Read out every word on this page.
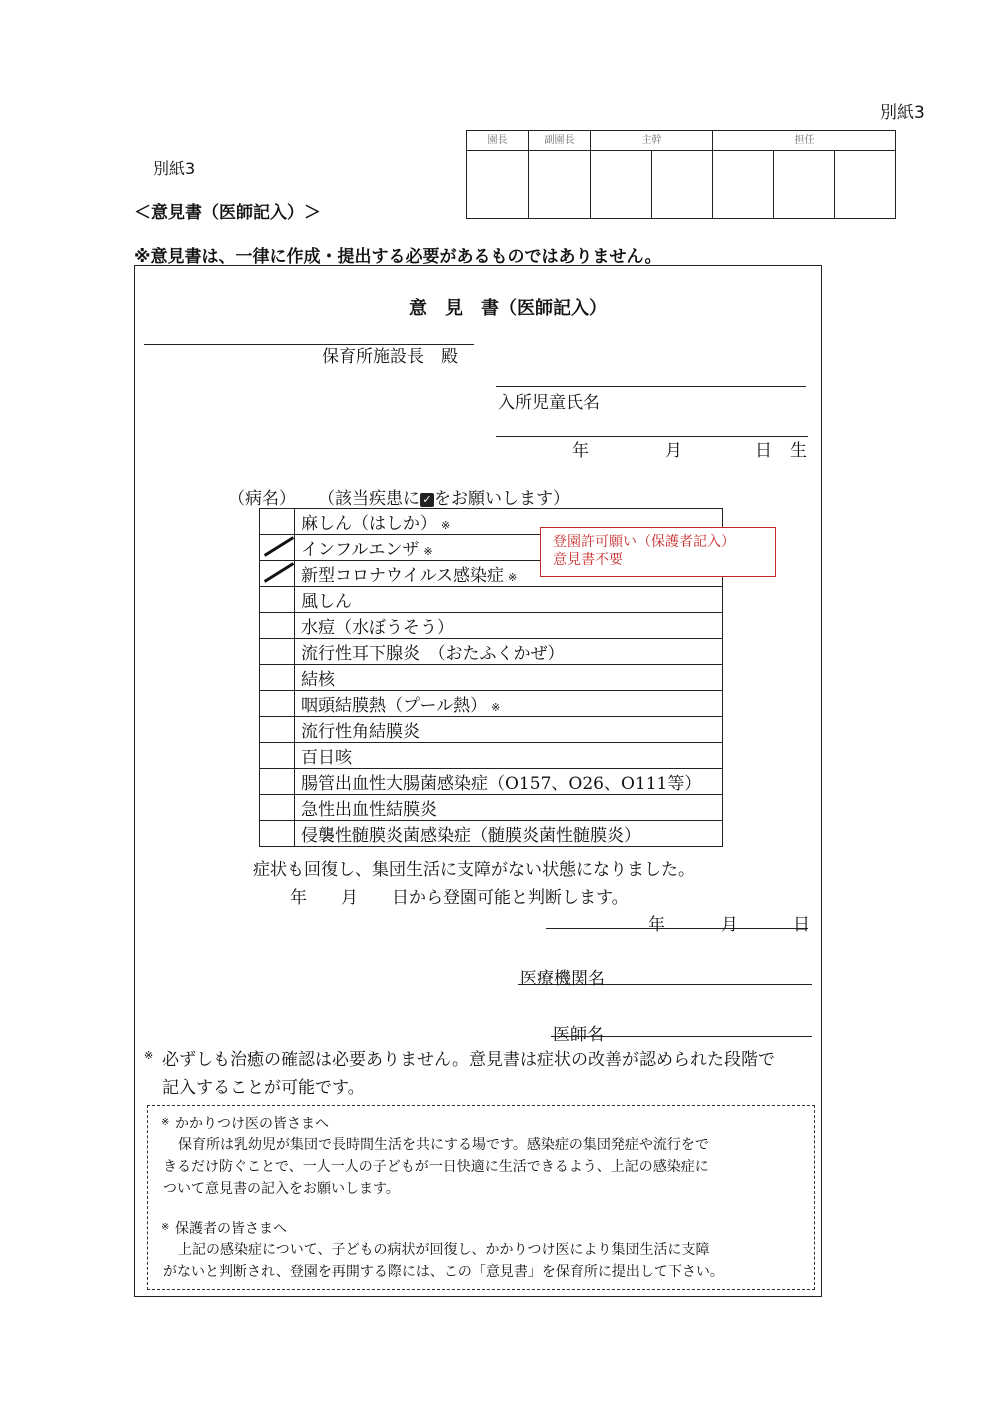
別紙3
別紙3
＜意見書（医師記入）＞
※意見書は、一律に作成・提出する必要があるものではありません。
園長	副園長	主幹	担任
意　見　書（医師記入）
保育所施設長　殿
入所児童氏名
年	月	日 生
（病名） （該当疾患に ✓ をお願いします）
	麻しん（はしか） ※

	インフルエンザ ※

	新型コロナウイルス感染症 ※
	風しん
	水痘（水ぼうそう）
	流行性耳下腺炎　（おたふくかぜ）
	結核
	咽頭結膜熱（プール熱） ※
	流行性角結膜炎
	百日咳
	腸管出血性大腸菌感染症（O157、O26、O111等）
	急性出血性結膜炎
	侵襲性髄膜炎菌感染症（髄膜炎菌性髄膜炎）
登園許可願い（保護者記入）
意見書不要
症状も回復し、集団生活に支障がない状態になりました。
年　　月　　日から登園可能と判断します。
年	月	日
医療機関名
医師名
※ 必ずしも治癒の確認は必要ありません。意見書は症状の改善が認められた段階で
記入することが可能です。
※ かかりつけ医の皆さまへ
保育所は乳幼児が集団で長時間生活を共にする場です。感染症の集団発症や流行をで
きるだけ防ぐことで、一人一人の子どもが一日快適に生活できるよう、上記の感染症に
ついて意見書の記入をお願いします。
※ 保護者の皆さまへ
上記の感染症について、子どもの病状が回復し、かかりつけ医により集団生活に支障
がないと判断され、登園を再開する際には、この「意見書」を保育所に提出して下さい。
